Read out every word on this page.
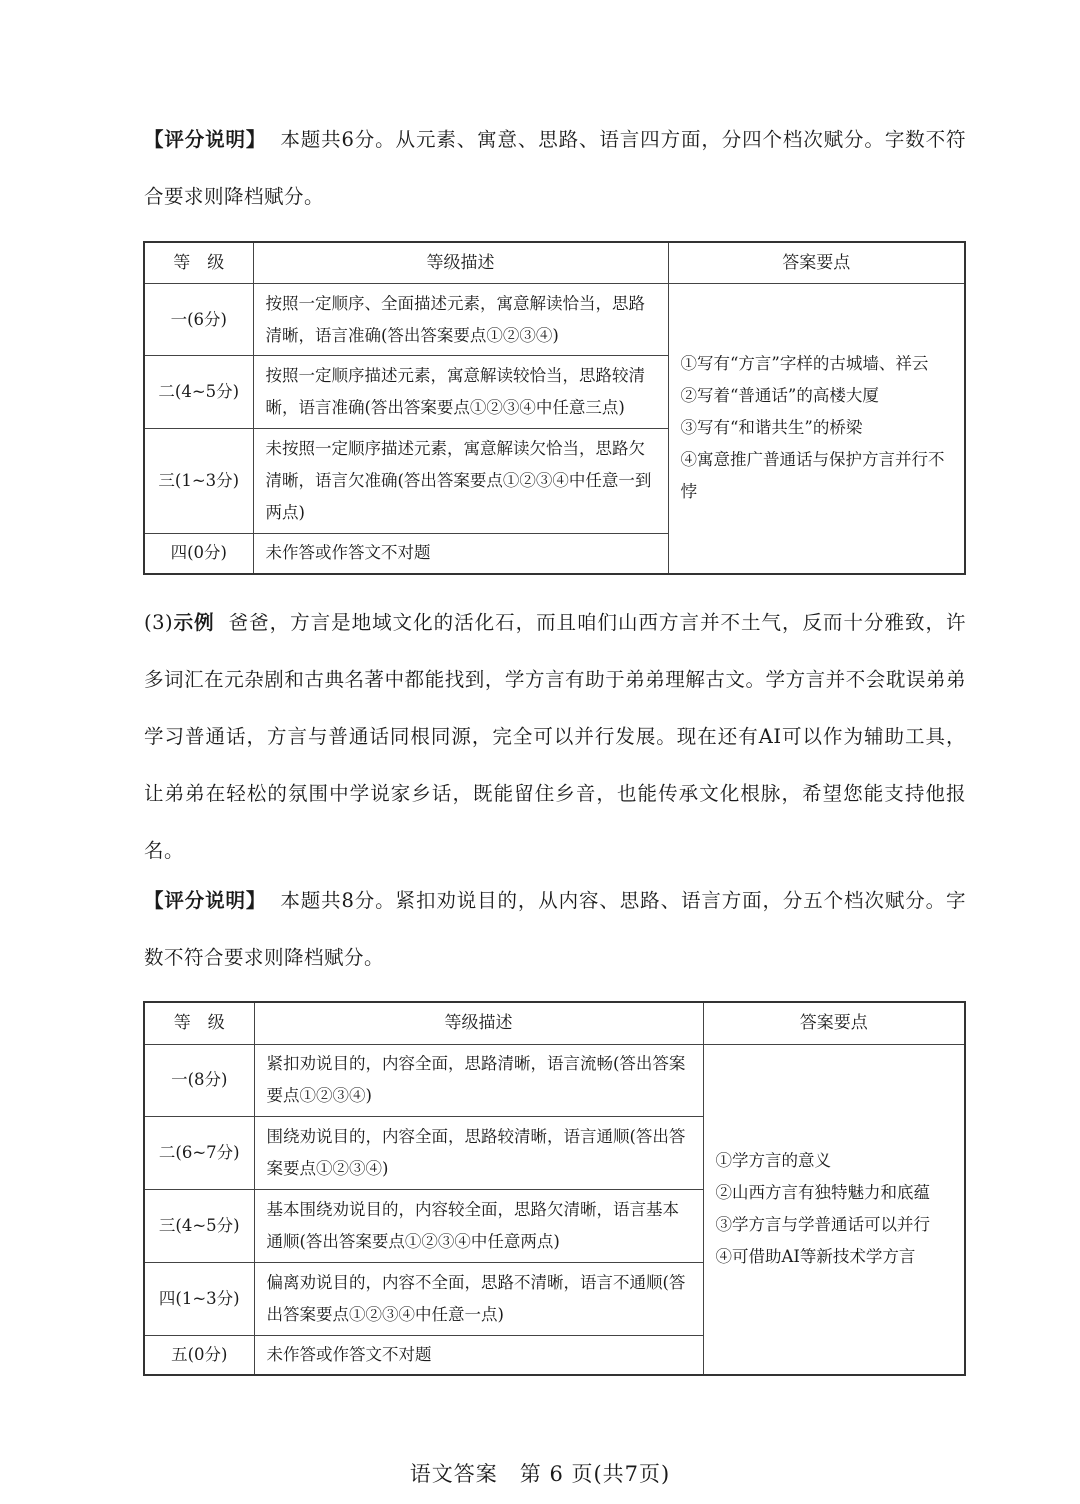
【评分说明】 本题共6分。从元素、寓意、思路、语言四方面，分四个档次赋分。字数不符合要求则降档赋分。

等　级	等级描述	答案要点
一(6分)	按照一定顺序、全面描述元素，寓意解读恰当，思路清晰，语言准确(答出答案要点①②③④)	①写有“方言”字样的古城墙、祥云
②写着“普通话”的高楼大厦
③写有“和谐共生”的桥梁
④寓意推广普通话与保护方言并行不悖

二(4~5分)	按照一定顺序描述元素，寓意解读较恰当，思路较清晰，语言准确(答出答案要点①②③④中任意三点)	
三(1~3分)	未按照一定顺序描述元素，寓意解读欠恰当，思路欠清晰，语言欠准确(答出答案要点①②③④中任意一到两点)	
四(0分)	未作答或作答文不对题	

(3)示例 爸爸，方言是地域文化的活化石，而且咱们山西方言并不土气，反而十分雅致，许多词汇在元杂剧和古典名著中都能找到，学方言有助于弟弟理解古文。学方言并不会耽误弟弟学习普通话，方言与普通话同根同源，完全可以并行发展。现在还有AI可以作为辅助工具，让弟弟在轻松的氛围中学说家乡话，既能留住乡音，也能传承文化根脉，希望您能支持他报名。

【评分说明】 本题共8分。紧扣劝说目的，从内容、思路、语言方面，分五个档次赋分。字数不符合要求则降档赋分。

等　级	等级描述	答案要点
一(8分)	紧扣劝说目的，内容全面，思路清晰，语言流畅(答出答案要点①②③④)	①学方言的意义
②山西方言有独特魅力和底蕴
③学方言与学普通话可以并行
④可借助AI等新技术学方言

二(6~7分)	围绕劝说目的，内容全面，思路较清晰，语言通顺(答出答案要点①②③④)	
三(4~5分)	基本围绕劝说目的，内容较全面，思路欠清晰，语言基本通顺(答出答案要点①②③④中任意两点)	
四(1~3分)	偏离劝说目的，内容不全面，思路不清晰，语言不通顺(答出答案要点①②③④中任意一点)	
五(0分)	未作答或作答文不对题	
语文答案　第 6 页(共7页)
